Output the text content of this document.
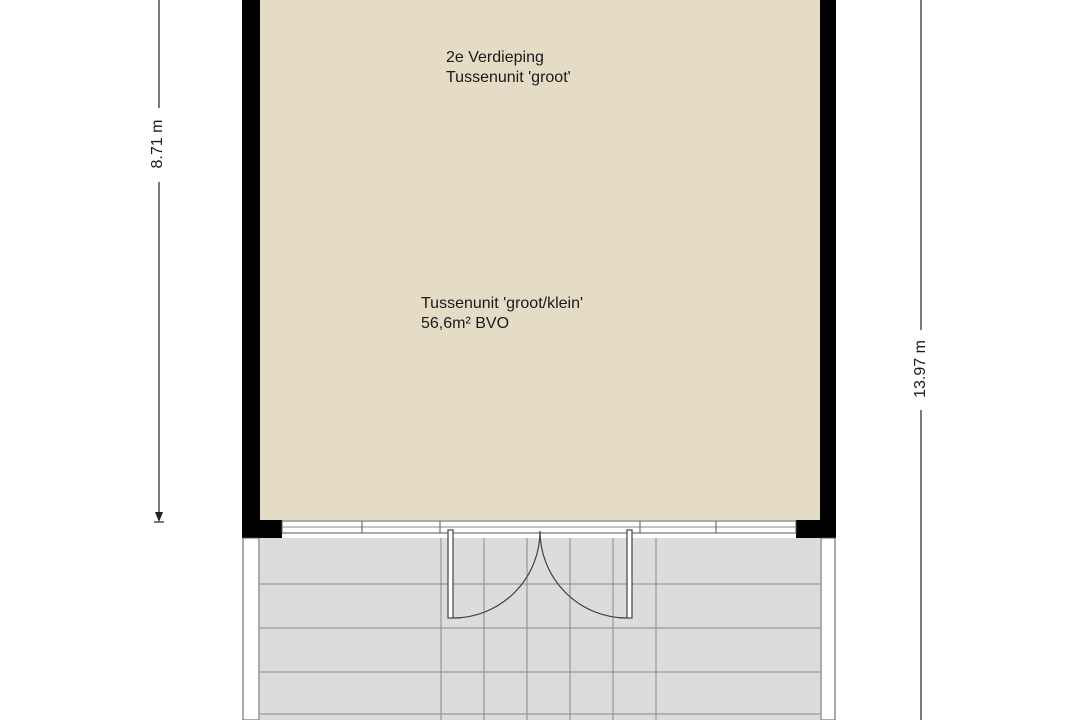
2e Verdieping
Tussenunit 'groot'
Tussenunit 'groot/klein'
56,6m² BVO
8.71 m
13.97 m
